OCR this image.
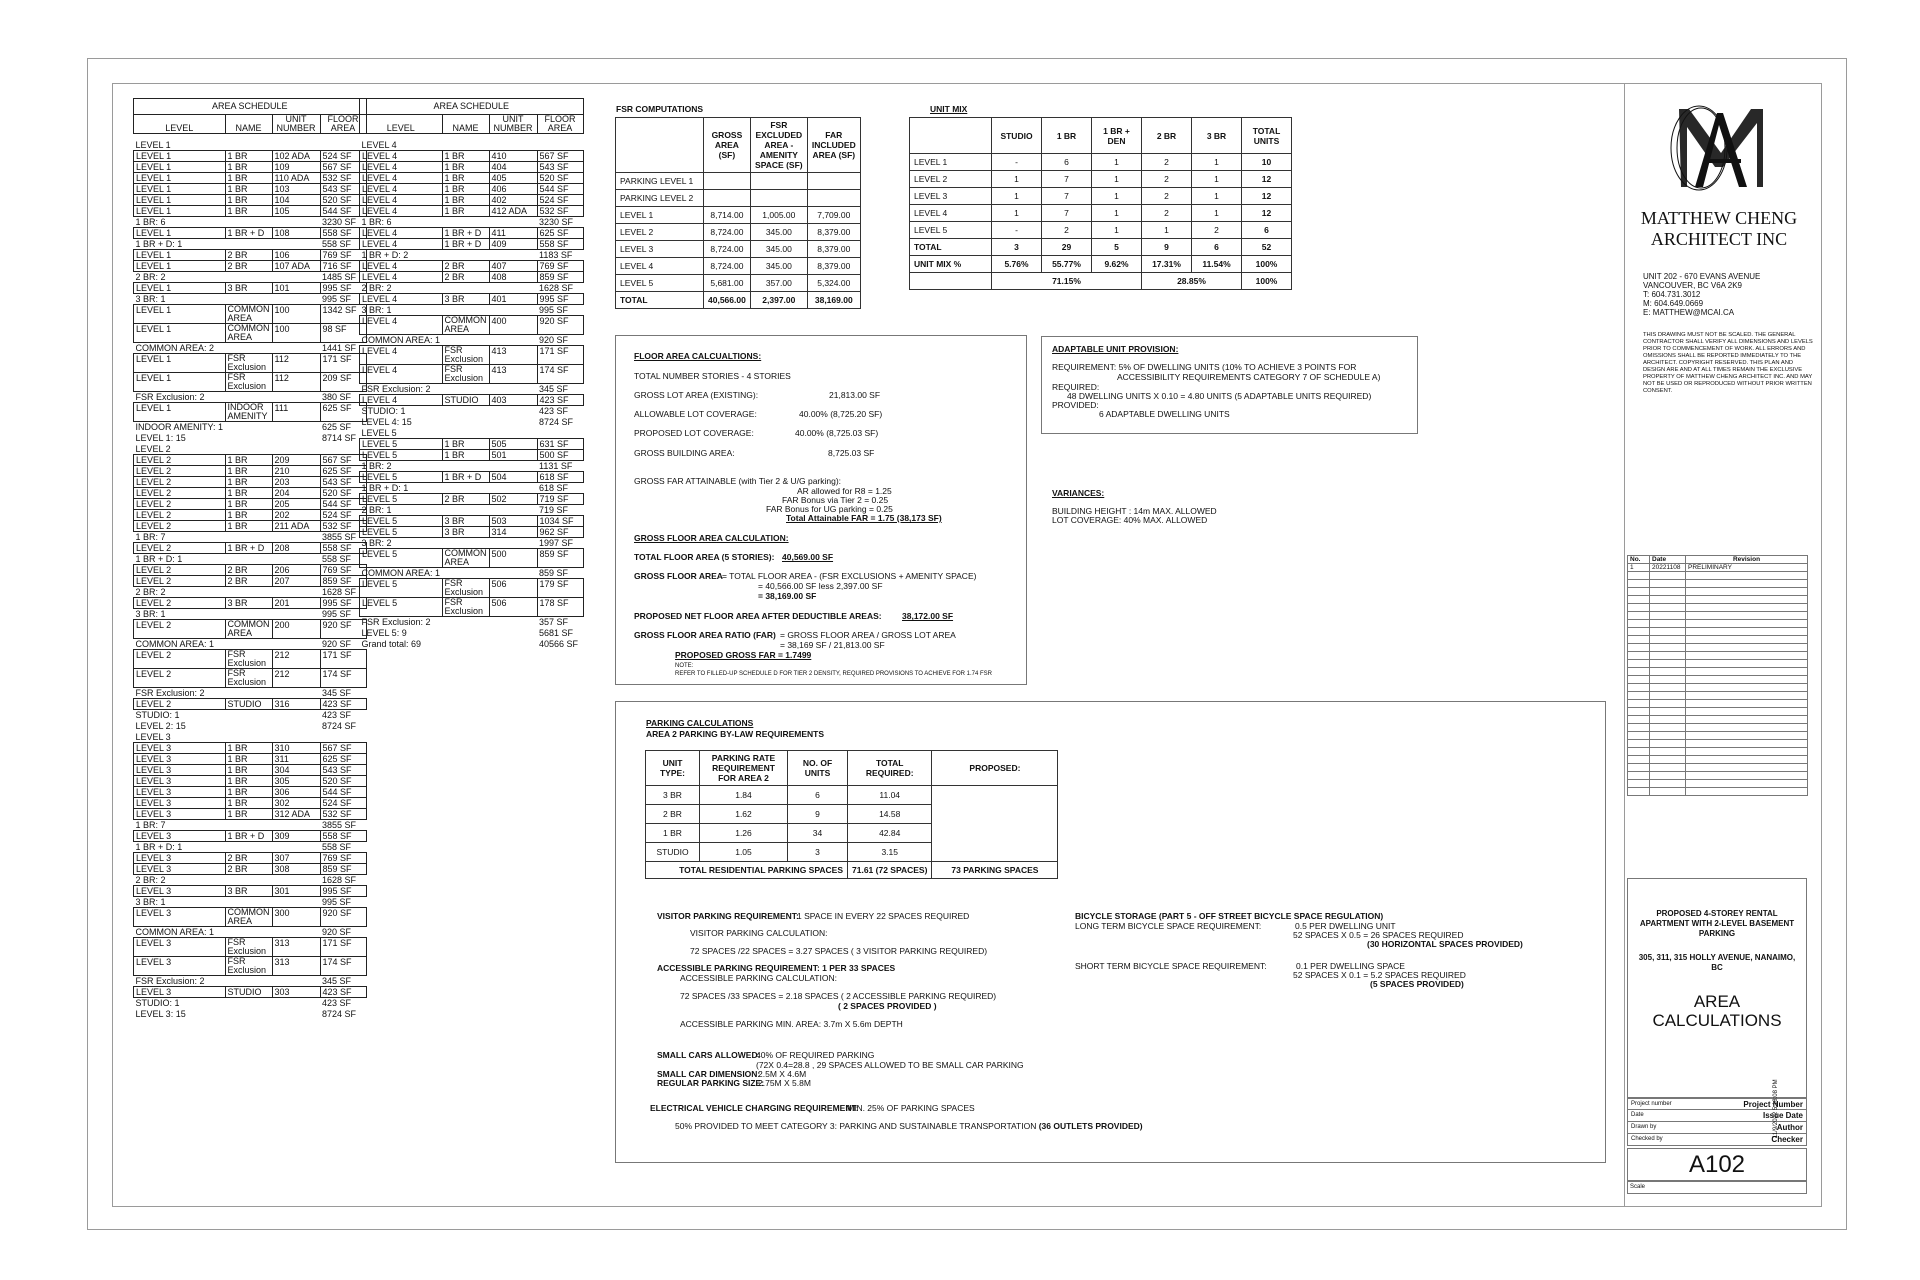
AREA SCHEDULE			
LEVEL	NAME	UNIT NUMBER	FLOOR AREA

LEVEL 1			
LEVEL 1	1 BR	102 ADA	524 SF
LEVEL 1	1 BR	109	567 SF
LEVEL 1	1 BR	110 ADA	532 SF
LEVEL 1	1 BR	103	543 SF
LEVEL 1	1 BR	104	520 SF
LEVEL 1	1 BR	105	544 SF
1 BR: 6			3230 SF
LEVEL 1	1 BR + D	108	558 SF
1 BR + D: 1			558 SF
LEVEL 1	2 BR	106	769 SF
LEVEL 1	2 BR	107 ADA	716 SF
2 BR: 2			1485 SF
LEVEL 1	3 BR	101	995 SF
3 BR: 1			995 SF
LEVEL 1	COMMON AREA	100	1342 SF
LEVEL 1	COMMON AREA	100	98 SF
COMMON AREA: 2			1441 SF
LEVEL 1	FSR Exclusion	112	171 SF
LEVEL 1	FSR Exclusion	112	209 SF
FSR Exclusion: 2			380 SF
LEVEL 1	INDOOR AMENITY	111	625 SF
INDOOR AMENITY: 1			625 SF
LEVEL 1: 15			8714 SF
LEVEL 2			
LEVEL 2	1 BR	209	567 SF
LEVEL 2	1 BR	210	625 SF
LEVEL 2	1 BR	203	543 SF
LEVEL 2	1 BR	204	520 SF
LEVEL 2	1 BR	205	544 SF
LEVEL 2	1 BR	202	524 SF
LEVEL 2	1 BR	211 ADA	532 SF
1 BR: 7			3855 SF
LEVEL 2	1 BR + D	208	558 SF
1 BR + D: 1			558 SF
LEVEL 2	2 BR	206	769 SF
LEVEL 2	2 BR	207	859 SF
2 BR: 2			1628 SF
LEVEL 2	3 BR	201	995 SF
3 BR: 1			995 SF
LEVEL 2	COMMON AREA	200	920 SF
COMMON AREA: 1			920 SF
LEVEL 2	FSR Exclusion	212	171 SF
LEVEL 2	FSR Exclusion	212	174 SF
FSR Exclusion: 2			345 SF
LEVEL 2	STUDIO	316	423 SF
STUDIO: 1			423 SF
LEVEL 2: 15			8724 SF
LEVEL 3			
LEVEL 3	1 BR	310	567 SF
LEVEL 3	1 BR	311	625 SF
LEVEL 3	1 BR	304	543 SF
LEVEL 3	1 BR	305	520 SF
LEVEL 3	1 BR	306	544 SF
LEVEL 3	1 BR	302	524 SF
LEVEL 3	1 BR	312 ADA	532 SF
1 BR: 7			3855 SF
LEVEL 3	1 BR + D	309	558 SF
1 BR + D: 1			558 SF
LEVEL 3	2 BR	307	769 SF
LEVEL 3	2 BR	308	859 SF
2 BR: 2			1628 SF
LEVEL 3	3 BR	301	995 SF
3 BR: 1			995 SF
LEVEL 3	COMMON AREA	300	920 SF
COMMON AREA: 1			920 SF
LEVEL 3	FSR Exclusion	313	171 SF
LEVEL 3	FSR Exclusion	313	174 SF
FSR Exclusion: 2			345 SF
LEVEL 3	STUDIO	303	423 SF
STUDIO: 1			423 SF
LEVEL 3: 15			8724 SF
AREA SCHEDULE			
LEVEL	NAME	UNIT NUMBER	FLOOR AREA

LEVEL 4			
LEVEL 4	1 BR	410	567 SF
LEVEL 4	1 BR	404	543 SF
LEVEL 4	1 BR	405	520 SF
LEVEL 4	1 BR	406	544 SF
LEVEL 4	1 BR	402	524 SF
LEVEL 4	1 BR	412 ADA	532 SF
1 BR: 6			3230 SF
LEVEL 4	1 BR + D	411	625 SF
LEVEL 4	1 BR + D	409	558 SF
1 BR + D: 2			1183 SF
LEVEL 4	2 BR	407	769 SF
LEVEL 4	2 BR	408	859 SF
2 BR: 2			1628 SF
LEVEL 4	3 BR	401	995 SF
3 BR: 1			995 SF
LEVEL 4	COMMON AREA	400	920 SF
COMMON AREA: 1			920 SF
LEVEL 4	FSR Exclusion	413	171 SF
LEVEL 4	FSR Exclusion	413	174 SF
FSR Exclusion: 2			345 SF
LEVEL 4	STUDIO	403	423 SF
STUDIO: 1			423 SF
LEVEL 4: 15			8724 SF
LEVEL 5			
LEVEL 5	1 BR	505	631 SF
LEVEL 5	1 BR	501	500 SF
1 BR: 2			1131 SF
LEVEL 5	1 BR + D	504	618 SF
1 BR + D: 1			618 SF
LEVEL 5	2 BR	502	719 SF
2 BR: 1			719 SF
LEVEL 5	3 BR	503	1034 SF
LEVEL 5	3 BR	314	962 SF
3 BR: 2			1997 SF
LEVEL 5	COMMON AREA	500	859 SF
COMMON AREA: 1			859 SF
LEVEL 5	FSR Exclusion	506	179 SF
LEVEL 5	FSR Exclusion	506	178 SF
FSR Exclusion: 2			357 SF
LEVEL 5: 9			5681 SF
Grand total: 69			40566 SF
FSR COMPUTATIONS
	GROSS AREA (SF)	FSR EXCLUDED AREA - AMENITY SPACE (SF)	FAR INCLUDED AREA (SF)
PARKING LEVEL 1			
PARKING LEVEL 2			
LEVEL 1	8,714.00	1,005.00	7,709.00
LEVEL 2	8,724.00	345.00	8,379.00
LEVEL 3	8,724.00	345.00	8,379.00
LEVEL 4	8,724.00	345.00	8,379.00
LEVEL 5	5,681.00	357.00	5,324.00
TOTAL	40,566.00	2,397.00	38,169.00
UNIT MIX
	STUDIO	1 BR	1 BR + DEN	2 BR	3 BR	TOTAL UNITS
LEVEL 1	-	6	1	2	1	10
LEVEL 2	1	7	1	2	1	12
LEVEL 3	1	7	1	2	1	12
LEVEL 4	1	7	1	2	1	12
LEVEL 5	-	2	1	1	2	6
TOTAL	3	29	5	9	6	52
UNIT MIX %	5.76%	55.77%	9.62%	17.31%	11.54%	100%
	71.15%			28.85%		100%
FLOOR AREA CALCUALTIONS:
TOTAL NUMBER STORIES - 4 STORIES
GROSS LOT AREA (EXISTING):	21,813.00 SF
ALLOWABLE LOT COVERAGE:	40.00% (8,725.20 SF)
PROPOSED LOT COVERAGE:	40.00% (8,725.03 SF)
GROSS BUILDING AREA:	8,725.03 SF
GROSS FAR ATTAINABLE (with Tier 2 & U/G parking):
AR allowed for R8 = 1.25
FAR Bonus via Tier 2 = 0.25
FAR Bonus for UG parking = 0.25
Total Attainable FAR = 1.75 (38,173 SF)
GROSS FLOOR AREA CALCULATION:
TOTAL FLOOR AREA (5 STORIES): 40,569.00 SF
GROSS FLOOR AREA = TOTAL FLOOR AREA - (FSR EXCLUSIONS + AMENITY SPACE)
= 40,566.00 SF less 2,397.00 SF
= 38,169.00 SF
PROPOSED NET FLOOR AREA AFTER DEDUCTIBLE AREAS: 38,172.00 SF
GROSS FLOOR AREA RATIO (FAR) = GROSS FLOOR AREA / GROSS LOT AREA
= 38,169 SF / 21,813.00 SF
PROPOSED GROSS FAR = 1.7499
NOTE:
REFER TO FILLED-UP SCHEDULE D FOR TIER 2 DENSITY, REQUIRED PROVISIONS TO ACHIEVE FOR 1.74 FSR
ADAPTABLE UNIT PROVISION:
REQUIREMENT: 5% OF DWELLING UNITS (10% TO ACHIEVE 3 POINTS FOR
ACCESSIBILITY REQUIREMENTS CATEGORY 7 OF SCHEDULE A)
REQUIRED:
48 DWELLING UNITS X 0.10 = 4.80 UNITS (5 ADAPTABLE UNITS REQUIRED)
PROVIDED:
6 ADAPTABLE DWELLING UNITS
VARIANCES:
BUILDING HEIGHT : 14m MAX. ALLOWED
LOT COVERAGE: 40% MAX. ALLOWED
PARKING CALCULATIONS
AREA 2 PARKING BY-LAW REQUIREMENTS
UNIT TYPE:	PARKING RATE REQUIREMENT FOR AREA 2	NO. OF UNITS	TOTAL REQUIRED:	PROPOSED:
3 BR	1.84	6	11.04	
2 BR	1.62	9	14.58	
1 BR	1.26	34	42.84	
STUDIO	1.05	3	3.15	
TOTAL RESIDENTIAL PARKING SPACES			71.61 (72 SPACES)	73 PARKING SPACES
VISITOR PARKING REQUIREMENT:
1 SPACE IN EVERY 22 SPACES REQUIRED
VISITOR PARKING CALCULATION:
72 SPACES /22 SPACES = 3.27 SPACES ( 3 VISITOR PARKING REQUIRED)
ACCESSIBLE PARKING REQUIREMENT: 1 PER 33 SPACES
ACCESSIBLE PARKING CALCULATION:
72 SPACES /33 SPACES = 2.18 SPACES ( 2 ACCESSIBLE PARKING REQUIRED)
( 2 SPACES PROVIDED )
ACCESSIBLE PARKING MIN. AREA: 3.7m X 5.6m DEPTH
SMALL CARS ALLOWED:
40% OF REQUIRED PARKING
(72X 0.4=28.8 , 29 SPACES ALLOWED TO BE SMALL CAR PARKING
SMALL CAR DIMENSION:
2.5M X 4.6M
REGULAR PARKING SIZE:
2.75M X 5.8M
ELECTRICAL VEHICLE CHARGING REQUIREMENT:
MIN. 25% OF PARKING SPACES
50% PROVIDED TO MEET CATEGORY 3: PARKING AND SUSTAINABLE TRANSPORTATION (36 OUTLETS PROVIDED)
BICYCLE STORAGE (PART 5 - OFF STREET BICYCLE SPACE REGULATION)
LONG TERM BICYCLE SPACE REQUIREMENT:	0.5 PER DWELLING UNIT
52 SPACES X 0.5 = 26 SPACES REQUIRED
(30 HORIZONTAL SPACES PROVIDED)
SHORT TERM BICYCLE SPACE REQUIREMENT:	0.1 PER DWELLING SPACE
52 SPACES X 0.1 = 5.2 SPACES REQUIRED
(5 SPACES PROVIDED)
MATTHEW CHENG
ARCHITECT INC
UNIT 202 - 670 EVANS AVENUE
VANCOUVER, BC V6A 2K9
T: 604.731.3012
M: 604.649.0669
E: MATTHEW@MCAI.CA
THIS DRAWING MUST NOT BE SCALED. THE GENERAL CONTRACTOR SHALL VERIFY ALL DIMENSIONS AND LEVELS PRIOR TO COMMENCEMENT OF WORK. ALL ERRORS AND OMISSIONS SHALL BE REPORTED IMMEDIATELY TO THE ARCHITECT. COPYRIGHT RESERVED. THIS PLAN AND DESIGN ARE AND AT ALL TIMES REMAIN THE EXCLUSIVE PROPERTY OF MATTHEW CHENG ARCHITECT INC. AND MAY NOT BE USED OR REPRODUCED WITHOUT PRIOR WRITTEN CONSENT.
No.	Date	Revision
1	20221108	PRELIMINARY

PROPOSED 4-STOREY RENTAL APARTMENT WITH 2-LEVEL BASEMENT PARKING
305, 311, 315 HOLLY AVENUE, NANAIMO, BC
AREA
CALCULATIONS
Project number	Project Number
Date	Issue Date
Drawn by	Author
Checked by	Checker
A102
Scale
11/9/2022 5:18:08 PM
